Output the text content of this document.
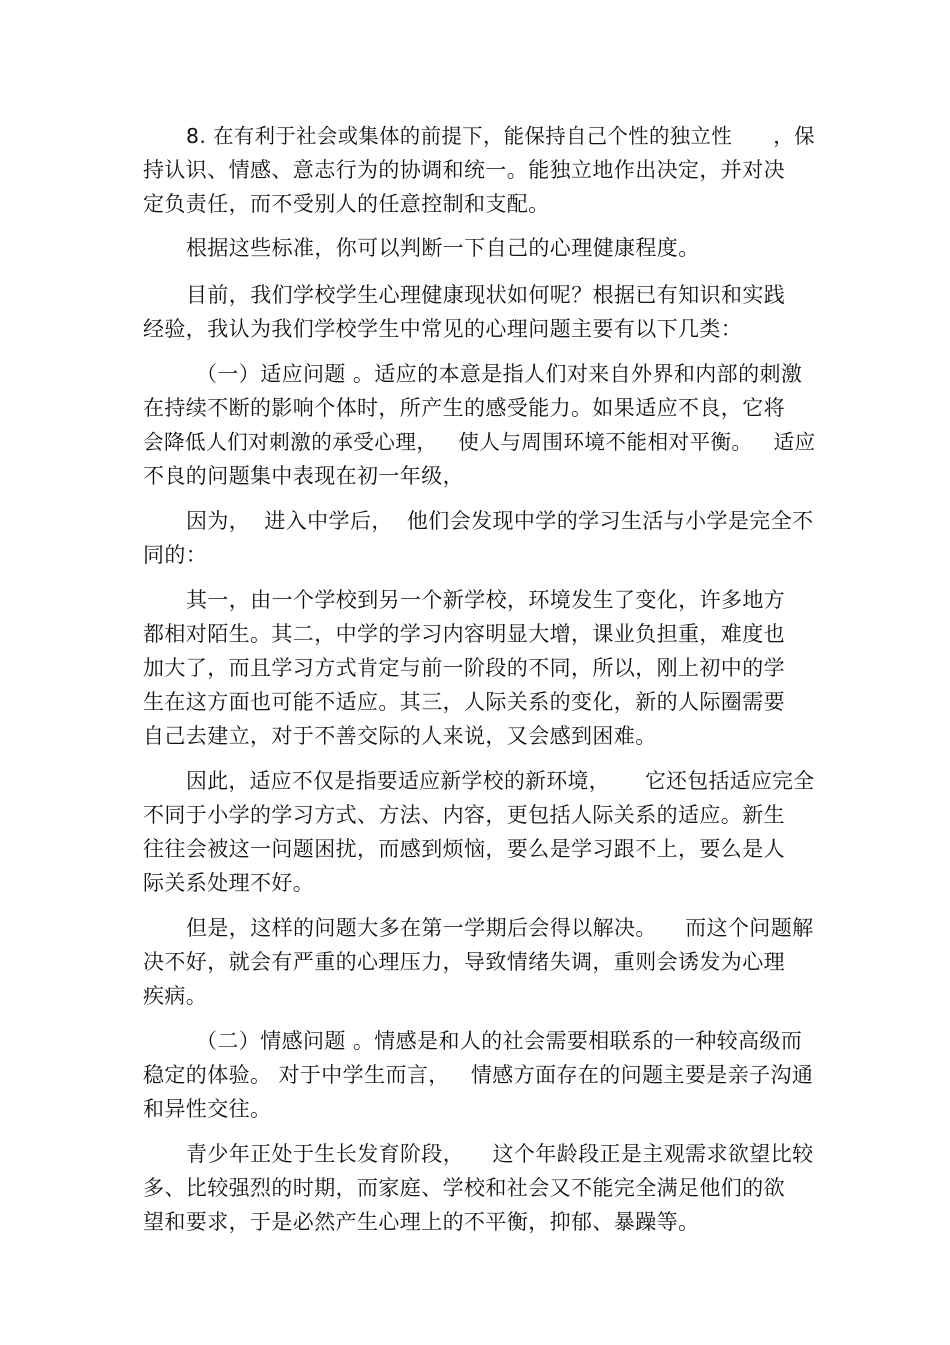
8. 在有利于社会或集体的前提下，能保持自己个性的独立性      ，保
持认识、情感、意志行为的协调和统一。能独立地作出决定，并对决
定负责任，而不受别人的任意控制和支配。
根据这些标准，你可以判断一下自己的心理健康程度。
目前，我们学校学生心理健康现状如何呢？根据已有知识和实践
经验，我认为我们学校学生中常见的心理问题主要有以下几类：
（一）适应问题 。适应的本意是指人们对来自外界和内部的刺激
在持续不断的影响个体时，所产生的感受能力。如果适应不良，它将
会降低人们对刺激的承受心理，   使人与周围环境不能相对平衡。   适应
不良的问题集中表现在初一年级，
因为，  进入中学后，  他们会发现中学的学习生活与小学是完全不
同的：
其一，由一个学校到另一个新学校，环境发生了变化，许多地方
都相对陌生。其二，中学的学习内容明显大增，课业负担重，难度也
加大了，而且学习方式肯定与前一阶段的不同，所以，刚上初中的学
生在这方面也可能不适应。其三，人际关系的变化，新的人际圈需要
自己去建立，对于不善交际的人来说，又会感到困难。
因此，适应不仅是指要适应新学校的新环境，     它还包括适应完全
不同于小学的学习方式、方法、内容，更包括人际关系的适应。新生
往往会被这一问题困扰，而感到烦恼，要么是学习跟不上，要么是人
际关系处理不好。
但是，这样的问题大多在第一学期后会得以解决。    而这个问题解
决不好，就会有严重的心理压力，导致情绪失调，重则会诱发为心理
疾病。
（二）情感问题 。情感是和人的社会需要相联系的一种较高级而
稳定的体验。 对于中学生而言，   情感方面存在的问题主要是亲子沟通
和异性交往。
青少年正处于生长发育阶段，    这个年龄段正是主观需求欲望比较
多、比较强烈的时期，而家庭、学校和社会又不能完全满足他们的欲
望和要求，于是必然产生心理上的不平衡，抑郁、暴躁等。
